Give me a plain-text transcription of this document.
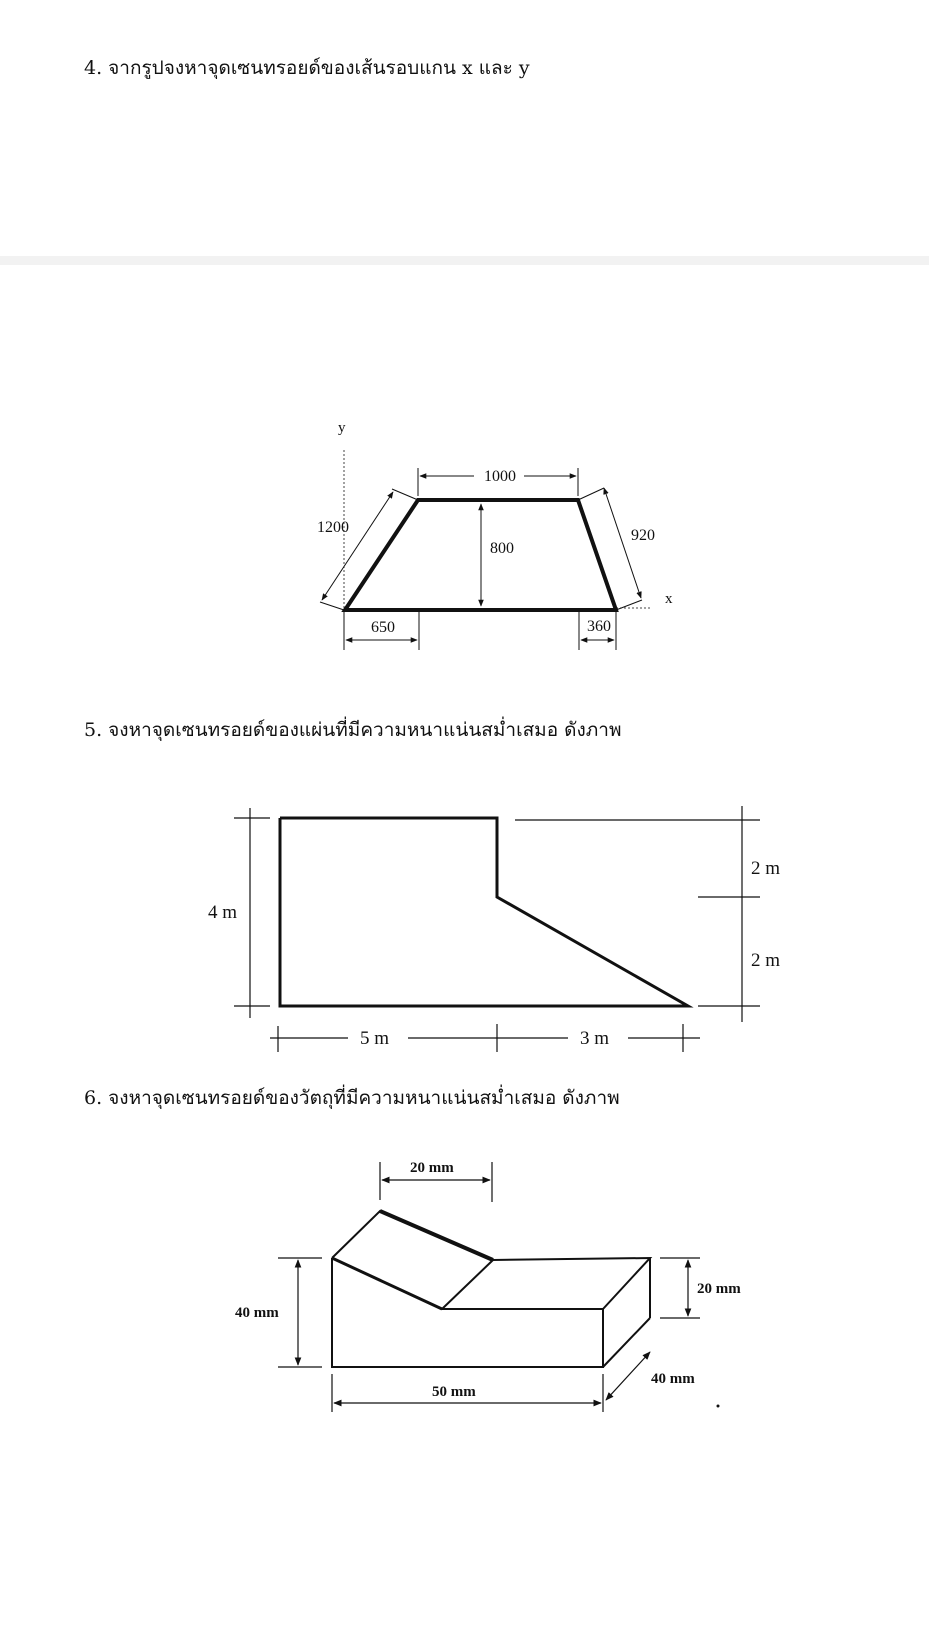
4. จากรูปจงหาจุดเซนทรอยด์ของเส้นรอบแกน x และ y
y
x
1000
800
1200	920
650	360
5. จงหาจุดเซนทรอยด์ของแผ่นที่มีความหนาแน่นสม่ำเสมอ ดังภาพ
4 m
2 m
2 m
5 m	3 m
6. จงหาจุดเซนทรอยด์ของวัตถุที่มีความหนาแน่นสม่ำเสมอ ดังภาพ
20 mm
40 mm
20 mm
50 mm
40 mm
